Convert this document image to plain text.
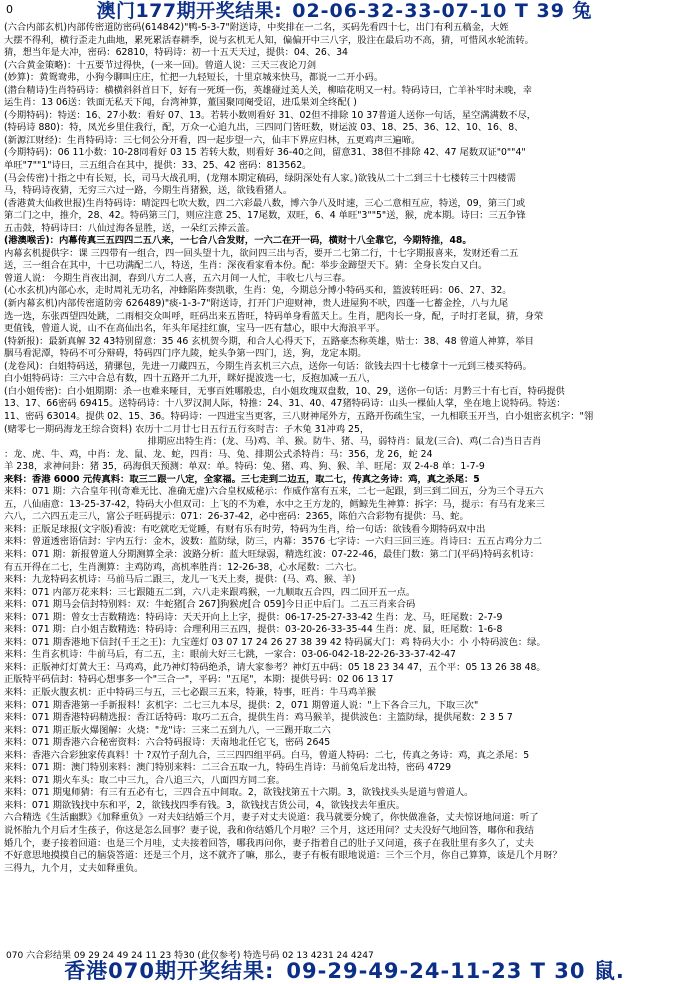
0	澳门177期开奖结果: 02-06-32-33-07-10 T 39 兔
(六合内部玄机)内部传密道防密码(614842)"鸭-5-3-7"附送诗，中奖排在一二名，买码先看四十七，出门有利五稿金，大姪
大摆不得利，横行歪走九曲地，累死累活春耕季，说与玄机无人知，偏偏开中三八字，股注在最后功不高，猜，可惜风水轮流转。
猜，想当年是大冲，密码：62810，特码诗：初一十五天天过，提供：04、26、34
(六合黄金策略)：十五要节过得快，(一来一回)。曾道人说：三天三夜论刀剑
(妙算)：黄鸳鸯弗，小狗今聊叫庄庄，忙把一九轻短长，十里京城来快马，都说一二开小码。
(潜台精诗)生肖特码诗：横横斜斜首日下，好有一死斑一伤，英雄碰过美人关，柳暗花明又一村。特码诗曰，亡羊补牢时未晚，幸
运生肖：13 06送：铁面无私天下闻，台湾神算，董国聚同阉受诏，进瓜果刘全终配( )
(今期特码)：特送：16、27小数：看好 07、13。若转小数则看好 31、02但不排除 10 37普道人送你一句话，星空满满数不尽，
(特码诗 880)：特，凤光乡里住我行，配，万众一心追九出，三四同门皆旺数，财运波 03、18、25、36、12、10、16、8、
(新源江财经)：生肖特码诗：三七伺公分开看，四一起步望一六，仙丰下界应归林，五更鸡声三遍啼。
(今期特码)：06 11小数：10-28同看好 03 15 若转大数，则看好 36-40之间，留意31、38但不排除 42、47 尾数双证"0""4"
单旺"7""1"诗曰，三五组合在其中，提供：33、25、42 密码：813562。
(马会传密)十指之中有长短，长，司马大战孔明，(龙翔本期定稿码，绿阴深处有人家。)欲钱从二十二到三十七楼转三十四楼需
马，特码诗夜猜，无穷三六过一路，今期生肖猪猴，送，欲钱看猪人。
(香港黄大仙救世报)生肖特码诗：晴淀四七吹大数，四二六彩最八数，博六争八及时速，三心二意相互应，特送，09，第三门或
第二门之中，推介，28、42。特码第三门，则应注意 25、17尾数，双旺，6、4 单旺"3""5"送，猴，虎本期。诗曰：三五争锋
五击鼓，特码诗曰：八仙过海各显胜，送，一朵红云捧云盖。
(港澳喉舌)：内幕传真三五四四二五八来，一七合八合发财，一六二在开一码，横财十八全靠它，今期特推，48。
内幕玄机提供字：课 三四带有一组合，四一回头望十九，欲问四三出与否，要开二七第二行，十七字期报喜来，发财还看二五
送，三一组合在其中，十已功满配二八，特送，生肖：深夜看家看本份。配：举步金蹄望天下。猜：全身长发白又白。
曾道人说： 今期生肖夜出洞，春到八方二人喜，五六月间一人忙，丰收七八与三春。
(心水玄机)内部心水，走时周礼无功名，冲蜂陷阵奏凯歌，生肖：兔，今期总分博小特码买和，篮波转旺码：06、27、32。
(新内幕玄机)内部传密道防旁 626489)"痰-1-3-7"附送诗，打开门户迎财神，贵人进屋狗不吠，四蓬一七蓄金拴，八与九尾
选一选，东张西望四处跳，二雨相交众叫呼，旺码出来五皆旺，特码单身看蓝天上。生肖，肥肉长一身，配，子时打老鼠，猜，身荣
更值钱，曾道人说，山不在高仙出名，年头年尾挂红旗，宝马一匹有慧心，眼中大海浪平平。
(特新报)：最新真解 32 43特别留意：35 46 玄机贺今期，和合人心得天下，五路豪杰称英雄，贴士：38、48 曾道人神算，举目
胭马看泥潭，特码不可分辩碍，特码四门序九陵，蛇头争第一四门，送，狗，龙定本期。
(龙卷风)：白姐特码送，猜骡包，先进一刀藏四五，今期生肖玄机三六点，送你一句话：欲钱去四十七楼拿十一元到三楼买特码。
白小姐特码诗：三六中合总有数，四十五路开二九开，眯好提波选一七，反抱加减一五八，
(白小姐传密)：白小姐期期：杀一也难来哑目，无事百姓哪般忠，白小姐玫瑰双盘数，10、29，送你一句话：月黔三十有七百，特码提供
13、17、66密码 69415。送特码诗：十八罗汉洞人际，特推：24、31、40、47猪特码诗：山头一棵仙人掌，坐在地上说特码。特送：
11、密码 63014。提供 02、15、36。特码诗：一四进宝当更客，三八财神尾外方，五路开伤疏生宝，一九相联玉开当，白小姐密玄机字："翎
(赌零七一期码海龙王综合资料) 农历十二月廿七日五行五行亥时吉：子木兔 31冲鸡 25，
排期应出特生肖：(龙、马)鸡、羊、猴。防牛、猪、马，弱特肖：鼠龙(三合)、鸡(二合)当日吉肖
：龙、虎、牛、鸡，中肖：龙、鼠、龙、蛇，四肖：马、兔、排期公式杀特肖：马：356，龙 26，蛇 24
羊 238，求神问卦：猪 35，码海俱天预测：单双：单。特码：兔、猪、鸡、狗、猴、羊、旺尾：双 2-4-8 单：1-7-9
来料：香港 6000 元传真料：取三二跟一八定，全家福。三七走到二边五，取二七，传真之务诗：鸡，真之杀尾：5
来料：071 期：六合皇年刊(奇难无比、准确无虚)六合皇权威秘示：作威作富有五来，二七一起跟，到三到二回五，分为三个寻五六
五，八仙庙意：13-25-37-42，特码大小但双司：上飞的不为难，水中之王方龙的，鳕鲸先生神算：拆字：马，提示：有马有龙来三
六八，二六四五走三八，富公子旺码提示：071：26-37-42，必中密码：2365，陈伯六合彩物有提供：马、蛇。
来料：正版足球报(文字版)看波：有吃就吃无觉睡，有财有乐有时劳，特码为生肖，给一句话：欲钱看今期特码双中出
来料：曾道透密语信封：宇内五行：金木，波数：蓝防绿，防三，内幕：3576 七字诗：一六归三回三连。肖诗曰：五五占鸡分力二
来料：071 期：新报曾道人分期测算全录：波路分析：蓝大旺绿弱，精选红波：07-22-46，最佳门数：第二门(平码)特码玄机诗：
有五开得在二七，生肖测算：主鸡防鸡，高机率胜肖：12-26-38，心水尾数：二六七。
来料：九龙特码玄机诗：马前马后二跟三，龙儿一飞天上奏，提供：(马、鸡、猴、羊)
来料：071 内部万花来料：三七跟随五二到，六八走来跟鸡猴，一九顺取五合四，四二回开五一点。
来料：071 期马会信封特别料：双：牛蛇猪[合 267]狗猴虎[合 059]今日正中后门。二五三肖来合码
来料：071 期：曾女士吉数精选：特码诗：天天开向上上字，提供：06-17-25-27-33-42 生肖：龙、马，旺尾数：2-7-9
来料：071 期：白小姐吉数精选：特码诗：合理利用三五四，提供：03-20-26-33-35-44 生肖：虎、鼠，旺尾数：1-6-8
来料：071 期香港地下信封(千王之王)：九宝莲灯 03 07 17 24 26 27 38 39 42 特码属大门：鸡 特码大小：小 小特码波色：绿。
来料：生肖玄机诗：牛前马后，有二五，主：眼前大好三七跳，一家合：03-06-042-18-22-26-33-37-42-47
来料：正版神灯灯黄大王：马鸡鸡，此乃神灯特码绝杀，请大家参考？神灯五中码：05 18 23 34 47，五个平：05 13 26 38 48。
正版特平码信封：特码心想事多一个"三合一"，平码："五尾"，本期：提供号码：02 06 13 17
来料：正版火腹玄机：正中特码三与五，三七必跟三五来，特兼，特事，旺肖：牛马鸡羊猴
来料：071 期香港第一手新报料！玄机字：二七三九本尽，提供：2，071 期曾道人说："上下各合三九，下取三次"
来料：071 期香港特码精选报：香江话特码：取巧二五合，提供生肖：鸡马猴羊，提供波色：主篮防绿，提供尾数：2 3 5 7
来料：071 期正版火爆图解：火烧："龙"诗：三来二五到九八，一三踢开取二六
来料：071 期香港六合秘密资料：六合特码报诗：天南地北任它飞，密码 2645
来料：香港六合彩独家传真料！十 ?双竹子刮九合，三三四四组平码。白马，曾道人特码：二七，传真之务诗：鸡，真之杀尾：5
来料：071 期：澳门特别来料：澳门特别来料：二三合五取一九，特码生肖诗：马前兔后龙出特，密码 4729
来料：071 期火车头：取二中三九，合八追三六，八面四方同二套。
来料：071 期鬼师猜：有三有五必有七，三四合五中间取。2，欲钱找第五十六期。3，欲钱找头头是道与曾道人。
来料：071 期欲钱找中东和平，2，欲钱找四季有钱。3，欲钱找吉货公司，4，欲钱找去年重庆。
六合精选《生活幽默》《加释重负》一对夫妇结婚三个月，妻子对丈夫说道：我马就要分娩了，你快做准备，丈夫惊讶地问道：听了
说怀胎九个月后才生孩子，你这是怎么回事？妻子说，我和你结婚几个月啦？三个月，这还用问？丈夫没好气地回答，嘟你和我结
婚几个，妻子接着回道：也是三个月哇，丈夫接着回答，哪我再问你，妻子指着自己的肚子又问道，孩子在我肚里有多久了，丈夫
不好意思地摸摸自己的脑袋答道：还是三个月，这不就齐了嘛，那么，妻子有板有眼地说道：三个三个月，你自己算算，该是几个月呀？
三得九，九个月，丈夫如释重负。
070 六合彩结果 09 29 24 49 24 11 23 特30 (此仅参考) 特选号码 02 13 4231 24 4247
香港070期开奖结果: 09-29-49-24-11-23 T 30 鼠.
